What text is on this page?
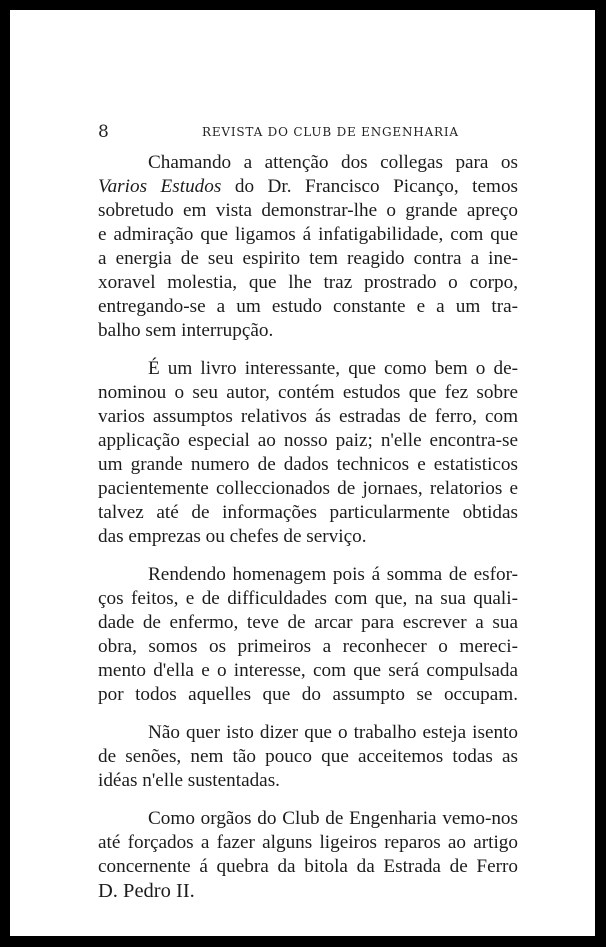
8	REVISTA DO CLUB DE ENGENHARIA
Chamando a attenção dos collegas para os
Varios Estudos do Dr. Francisco Picanço, temos
sobretudo em vista demonstrar-lhe o grande apreço
e admiração que ligamos á infatigabilidade, com que
a energia de seu espirito tem reagido contra a ine-
xoravel molestia, que lhe traz prostrado o corpo,
entregando-se a um estudo constante e a um tra-
balho sem interrupção.
É um livro interessante, que como bem o de-
nominou o seu autor, contém estudos que fez sobre
varios assumptos relativos ás estradas de ferro, com
applicação especial ao nosso paiz; n'elle encontra-se
um grande numero de dados technicos e estatisticos
pacientemente colleccionados de jornaes, relatorios e
talvez até de informações particularmente obtidas
das emprezas ou chefes de serviço.
Rendendo homenagem pois á somma de esfor-
ços feitos, e de difficuldades com que, na sua quali-
dade de enfermo, teve de arcar para escrever a sua
obra, somos os primeiros a reconhecer o mereci-
mento d'ella e o interesse, com que será compulsada
por todos aquelles que do assumpto se occupam.
Não quer isto dizer que o trabalho esteja isento
de senões, nem tão pouco que acceitemos todas as
idéas n'elle sustentadas.
Como orgãos do Club de Engenharia vemo-nos
até forçados a fazer alguns ligeiros reparos ao artigo
concernente á quebra da bitola da Estrada de Ferro
D. Pedro II.
